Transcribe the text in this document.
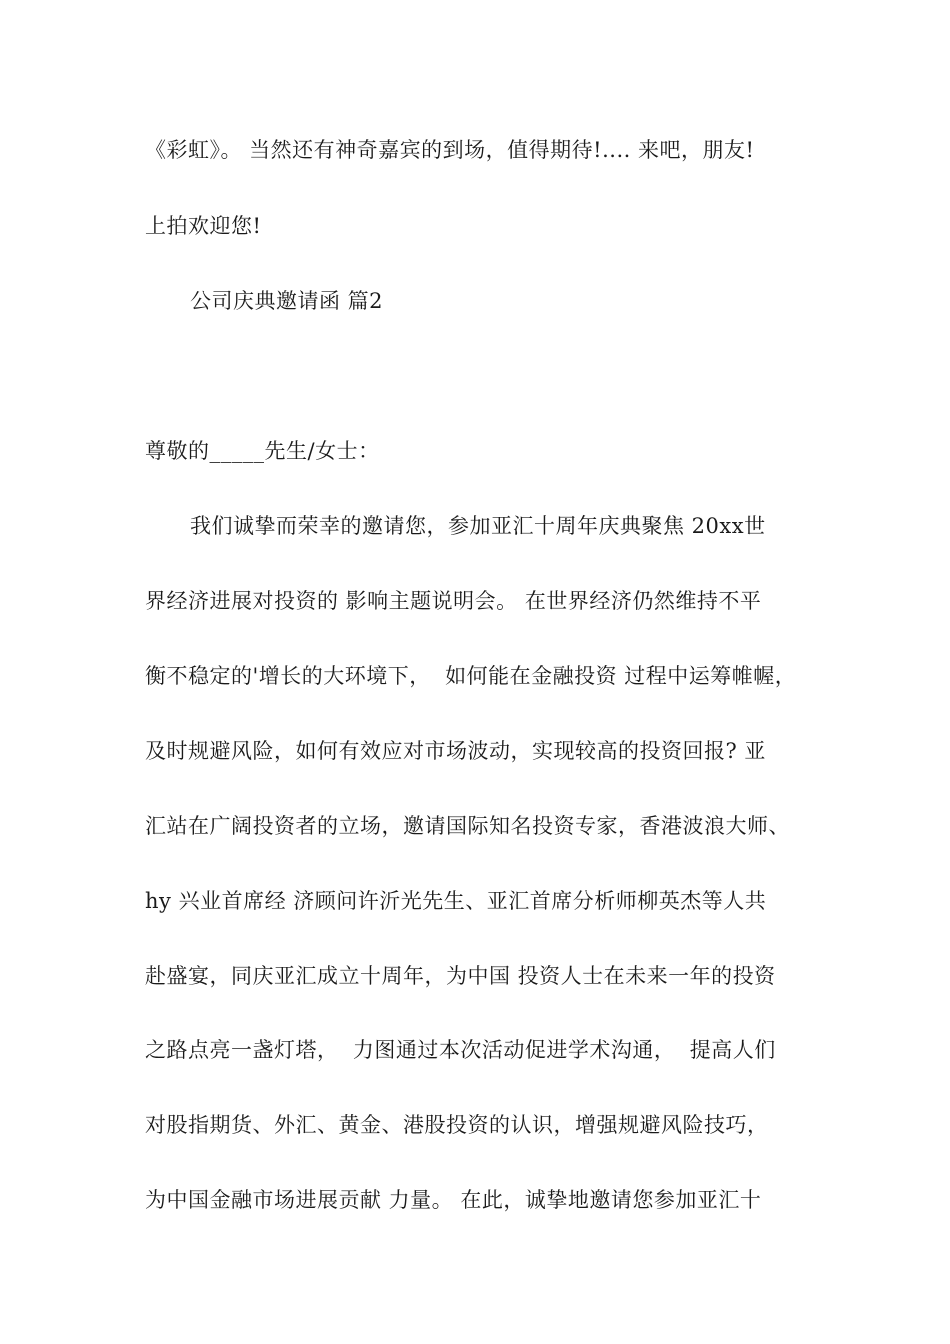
《彩虹》。 当然还有神奇嘉宾的到场，值得期待!.... 来吧，朋友!
上拍欢迎您!
公司庆典邀请函 篇2
尊敬的_____先生/女士：
我们诚挚而荣幸的邀请您，参加亚汇十周年庆典聚焦 20xx世
界经济进展对投资的 影响主题说明会。 在世界经济仍然维持不平
衡不稳定的'增长的大环境下，  如何能在金融投资 过程中运筹帷幄，
及时规避风险，如何有效应对市场波动，实现较高的投资回报? 亚
汇站在广阔投资者的立场，邀请国际知名投资专家，香港波浪大师、
hy 兴业首席经 济顾问许沂光先生、亚汇首席分析师柳英杰等人共
赴盛宴，同庆亚汇成立十周年，为中国 投资人士在未来一年的投资
之路点亮一盏灯塔，  力图通过本次活动促进学术沟通，  提高人们
对股指期货、外汇、黄金、港股投资的认识，增强规避风险技巧，
为中国金融市场进展贡献 力量。 在此，诚挚地邀请您参加亚汇十
